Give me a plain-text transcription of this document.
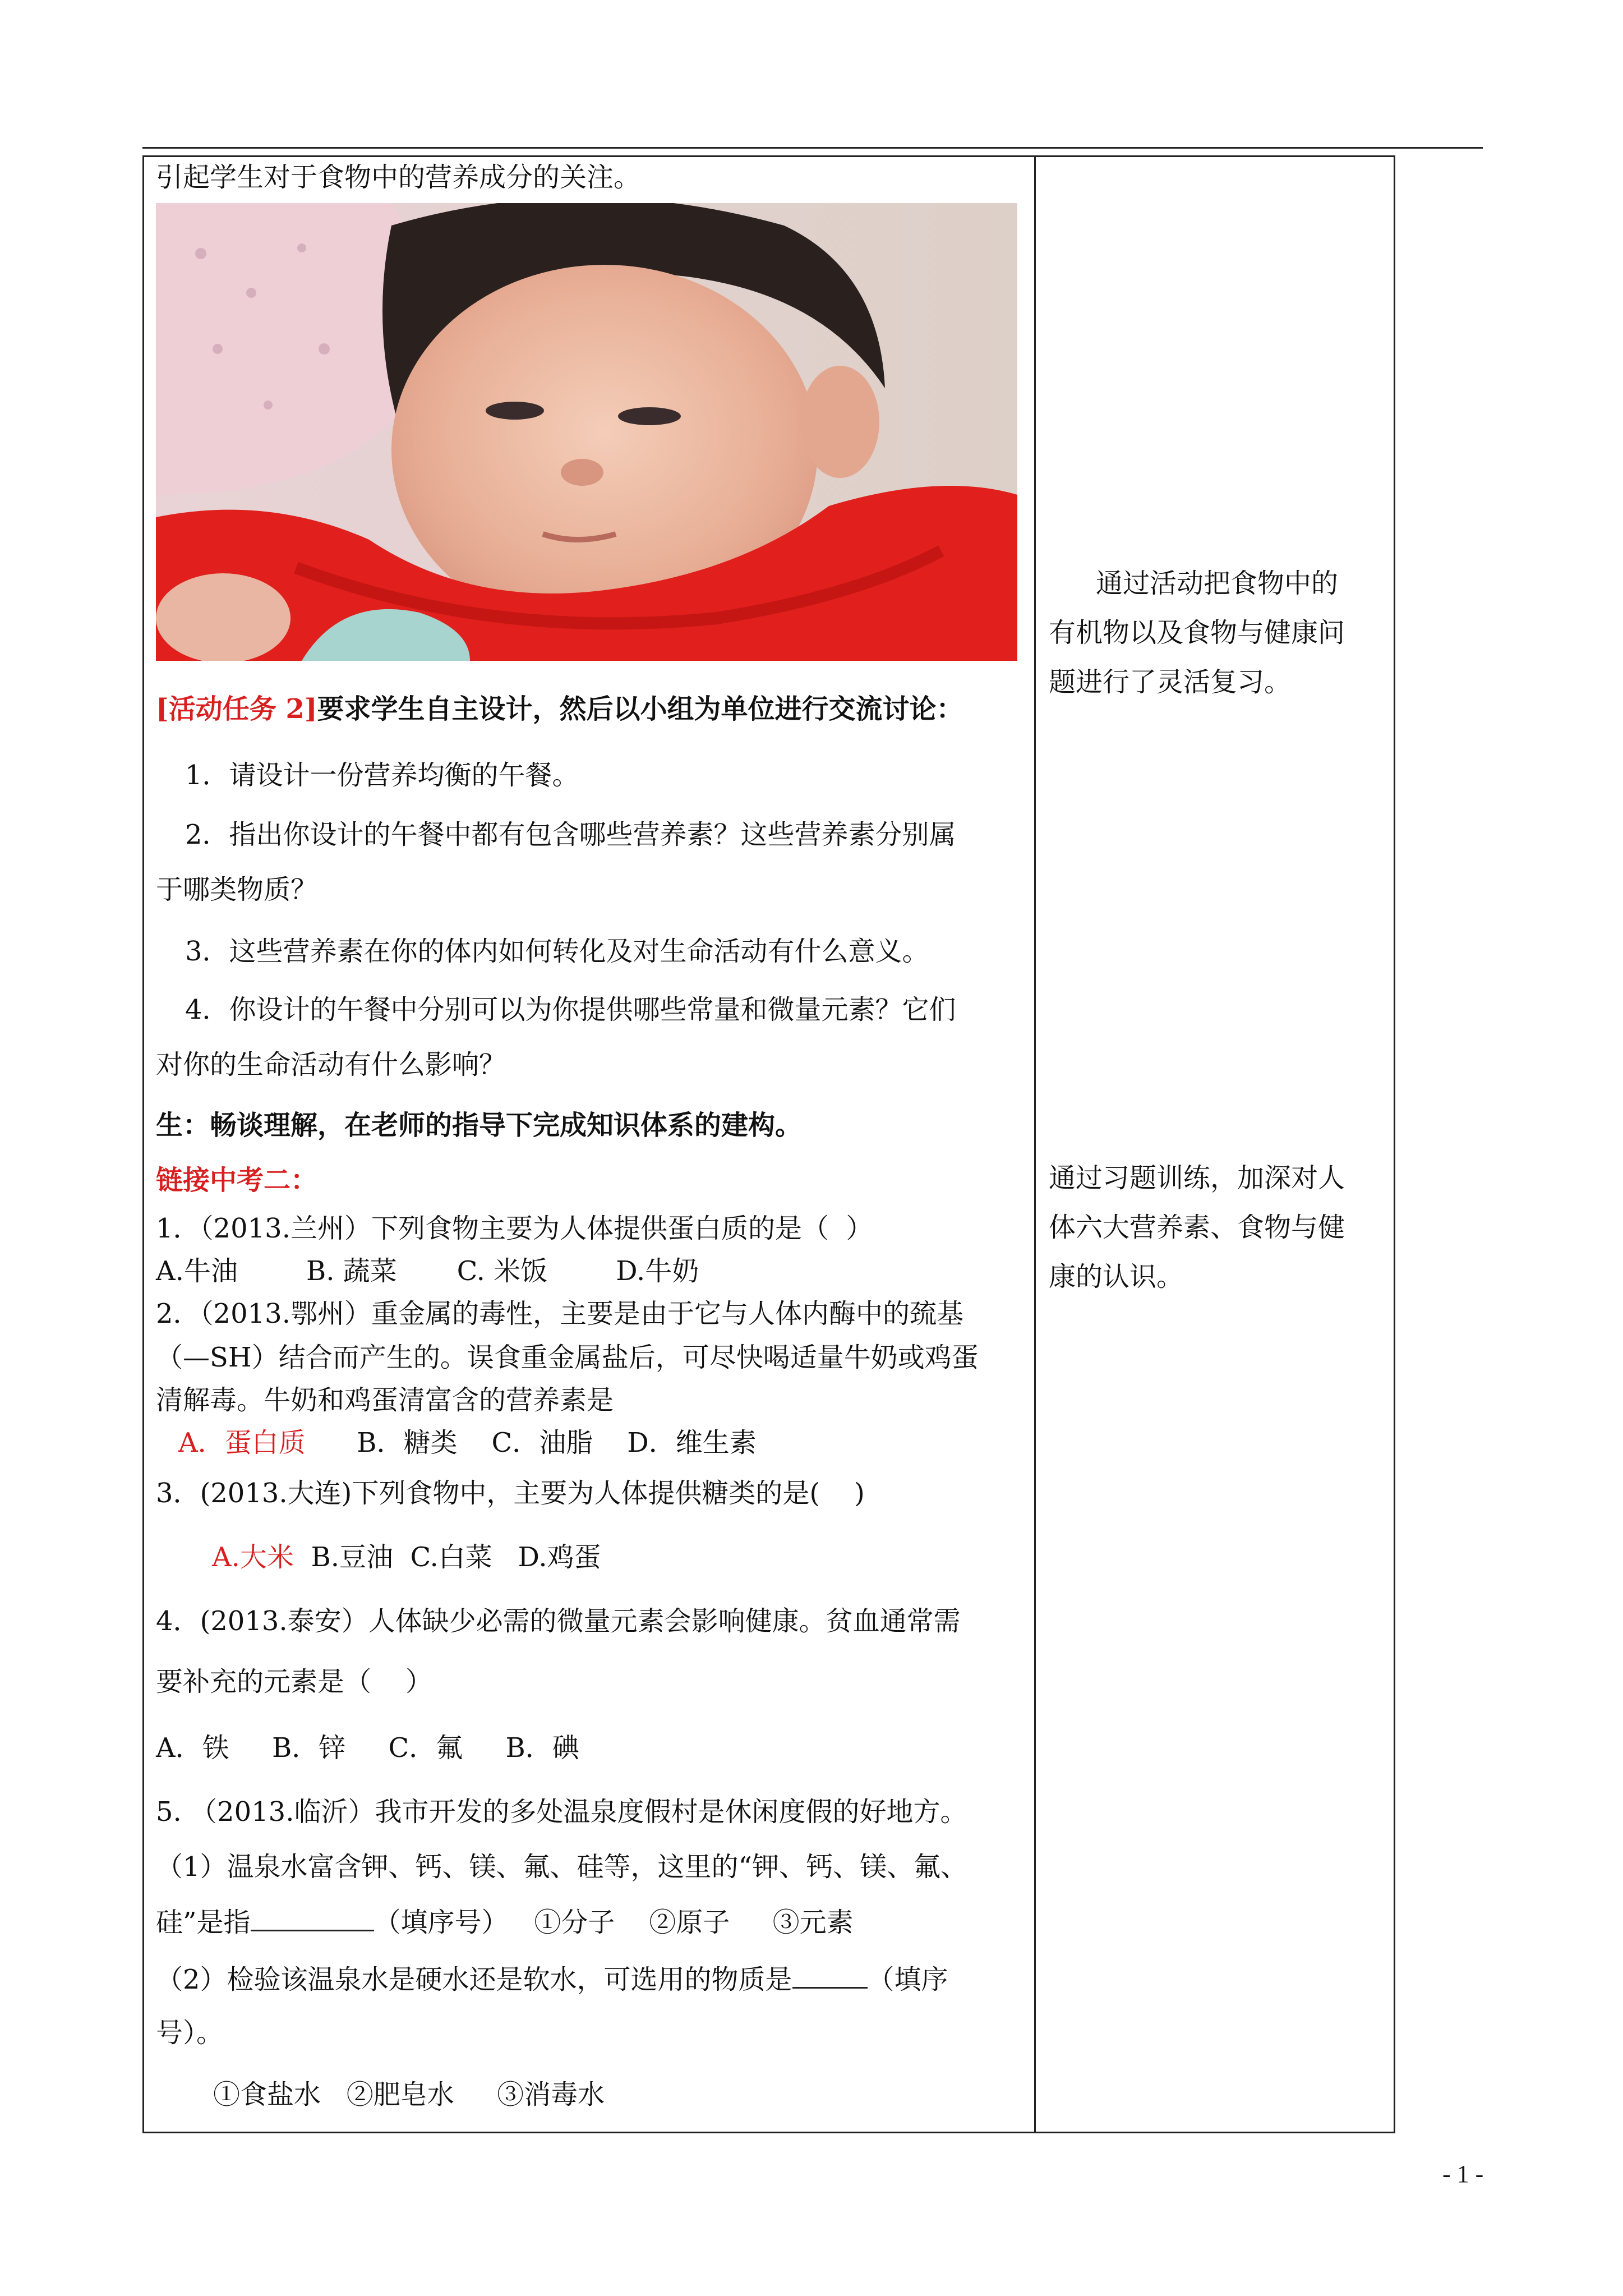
引起学生对于食物中的营养成分的关注。
[活动任务 2]要求学生自主设计，然后以小组为单位进行交流讨论：
1．请设计一份营养均衡的午餐。
2．指出你设计的午餐中都有包含哪些营养素？这些营养素分别属
于哪类物质？
3．这些营养素在你的体内如何转化及对生命活动有什么意义。
4．你设计的午餐中分别可以为你提供哪些常量和微量元素？它们
对你的生命活动有什么影响？
生：畅谈理解，在老师的指导下完成知识体系的建构。
链接中考二：
1．（2013.兰州）下列食物主要为人体提供蛋白质的是（  ）
A.牛油        B. 蔬菜       C. 米饭        D.牛奶
2．（2013.鄂州）重金属的毒性，主要是由于它与人体内酶中的巯基
（—SH）结合而产生的。误食重金属盐后，可尽快喝适量牛奶或鸡蛋
清解毒。牛奶和鸡蛋清富含的营养素是
A．蛋白质 B．糖类    C．油脂    D．维生素
3．(2013.大连)下列食物中，主要为人体提供糖类的是(    )
A.大米 B.豆油  C.白菜   D.鸡蛋
4．(2013.泰安）人体缺少必需的微量元素会影响健康。贫血通常需
要补充的元素是（    ）
A．铁     B．锌     C．氟     B．碘
5. （2013.临沂）我市开发的多处温泉度假村是休闲度假的好地方。
（1）温泉水富含钾、钙、镁、氟、硅等，这里的“钾、钙、镁、氟、
硅”是指	（填序号）   ①分子    ②原子     ③元素
（2）检验该温泉水是硬水还是软水，可选用的物质是	（填序
号）。
①食盐水   ②肥皂水     ③消毒水
通过活动把食物中的
有机物以及食物与健康问
题进行了灵活复习。
通过习题训练，加深对人
体六大营养素、食物与健
康的认识。
- 1 -
